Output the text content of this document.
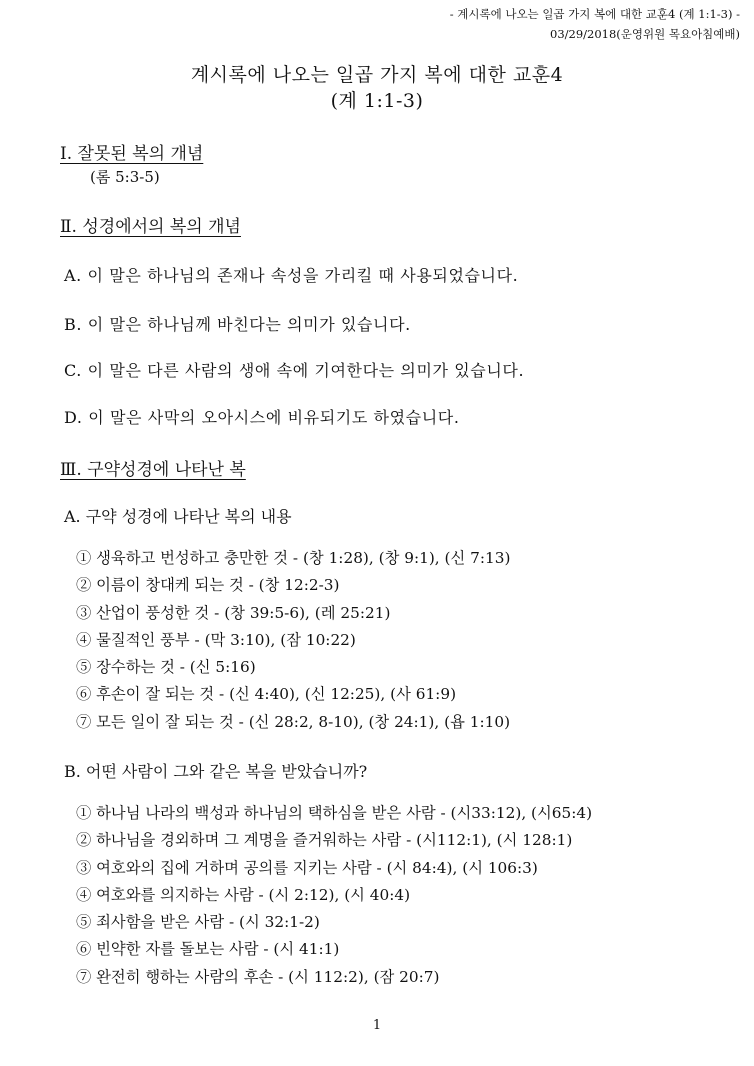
- 계시록에 나오는 일곱 가지 복에 대한 교훈4 (계 1:1-3) -
03/29/2018(운영위원 목요아침예배)
계시록에 나오는 일곱 가지 복에 대한 교훈4
(계 1:1-3)
Ⅰ. 잘못된 복의 개념
(롬 5:3-5)
Ⅱ. 성경에서의 복의 개념
A. 이 말은 하나님의 존재나 속성을 가리킬 때 사용되었습니다.
B. 이 말은 하나님께 바친다는 의미가 있습니다.
C. 이 말은 다른 사람의 생애 속에 기여한다는 의미가 있습니다.
D. 이 말은 사막의 오아시스에 비유되기도 하였습니다.
Ⅲ. 구약성경에 나타난 복
A. 구약 성경에 나타난 복의 내용
① 생육하고 번성하고 충만한 것 - (창 1:28), (창 9:1), (신 7:13)
② 이름이 창대케 되는 것 - (창 12:2-3)
③ 산업이 풍성한 것 - (창 39:5-6), (레 25:21)
④ 물질적인 풍부 - (막 3:10), (잠 10:22)
⑤ 장수하는 것 - (신 5:16)
⑥ 후손이 잘 되는 것 - (신 4:40), (신 12:25), (사 61:9)
⑦ 모든 일이 잘 되는 것 - (신 28:2, 8-10), (창 24:1), (욥 1:10)
B. 어떤 사람이 그와 같은 복을 받았습니까?
① 하나님 나라의 백성과 하나님의 택하심을 받은 사람 - (시33:12), (시65:4)
② 하나님을 경외하며 그 계명을 즐거워하는 사람 - (시112:1), (시 128:1)
③ 여호와의 집에 거하며 공의를 지키는 사람 - (시 84:4), (시 106:3)
④ 여호와를 의지하는 사람 - (시 2:12), (시 40:4)
⑤ 죄사함을 받은 사람 - (시 32:1-2)
⑥ 빈약한 자를 돌보는 사람 - (시 41:1)
⑦ 완전히 행하는 사람의 후손 - (시 112:2), (잠 20:7)
1
